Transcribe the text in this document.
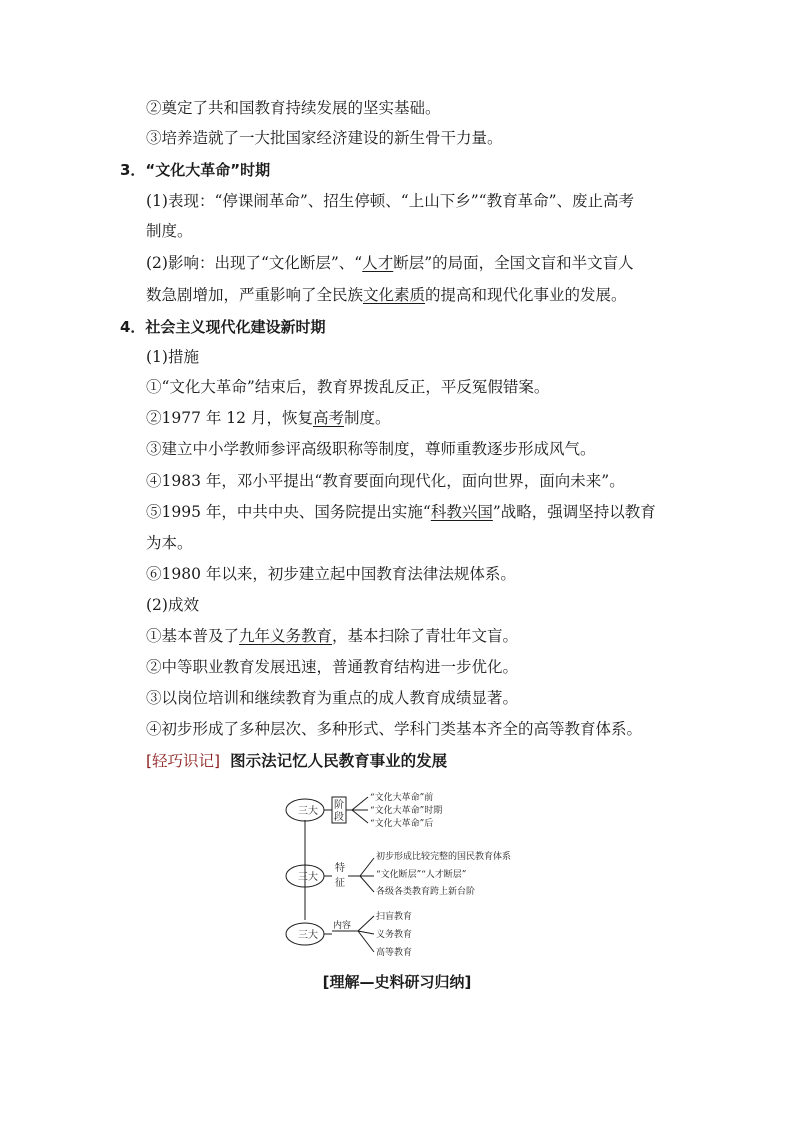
②奠定了共和国教育持续发展的坚实基础。
③培养造就了一大批国家经济建设的新生骨干力量。
3．“文化大革命”时期
(1)表现：“停课闹革命”、招生停顿、“上山下乡”“教育革命”、废止高考
制度。
(2)影响：出现了“文化断层”、“人才断层”的局面，全国文盲和半文盲人
数急剧增加，严重影响了全民族文化素质的提高和现代化事业的发展。
4．社会主义现代化建设新时期
(1)措施
①“文化大革命”结束后，教育界拨乱反正，平反冤假错案。
②1977 年 12 月，恢复高考制度。
③建立中小学教师参评高级职称等制度，尊师重教逐步形成风气。
④1983 年，邓小平提出“教育要面向现代化，面向世界，面向未来”。
⑤1995 年，中共中央、国务院提出实施“科教兴国”战略，强调坚持以教育
为本。
⑥1980 年以来，初步建立起中国教育法律法规体系。
(2)成效
①基本普及了九年义务教育，基本扫除了青壮年文盲。
②中等职业教育发展迅速，普通教育结构进一步优化。
③以岗位培训和继续教育为重点的成人教育成绩显著。
④初步形成了多种层次、多种形式、学科门类基本齐全的高等教育体系。
[轻巧识记] 图示法记忆人民教育事业的发展
三大
三大
三大
阶
段
特
征
内容
“文化大革命”前
“文化大革命”时期
“文化大革命”后
初步形成比较完整的国民教育体系
“文化断层”“人才断层”
各级各类教育跨上新台阶
扫盲教育
义务教育
高等教育
[理解—史料研习归纳]
